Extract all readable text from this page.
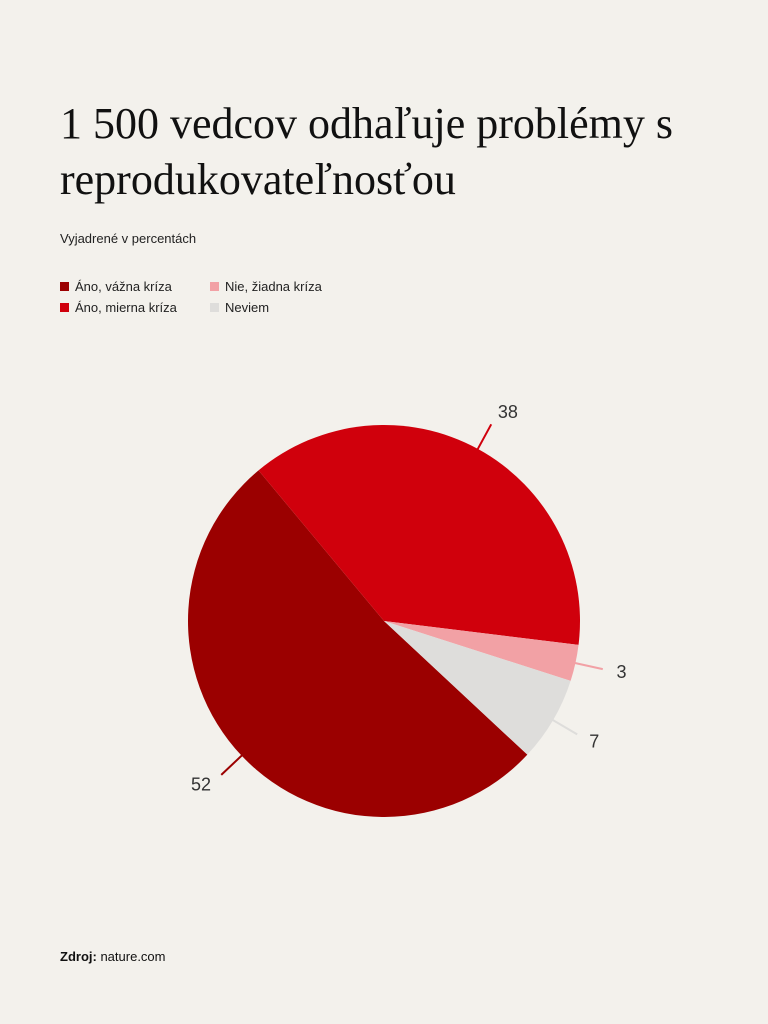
1 500 vedcov odhaľuje problémy s reprodukovateľnosťou

Vyjadrené v percentách

Áno, vážna kríza	Nie, žiadna kríza
Áno, mierna kríza	Neviem
52
38
3
7
Zdroj: nature.com
